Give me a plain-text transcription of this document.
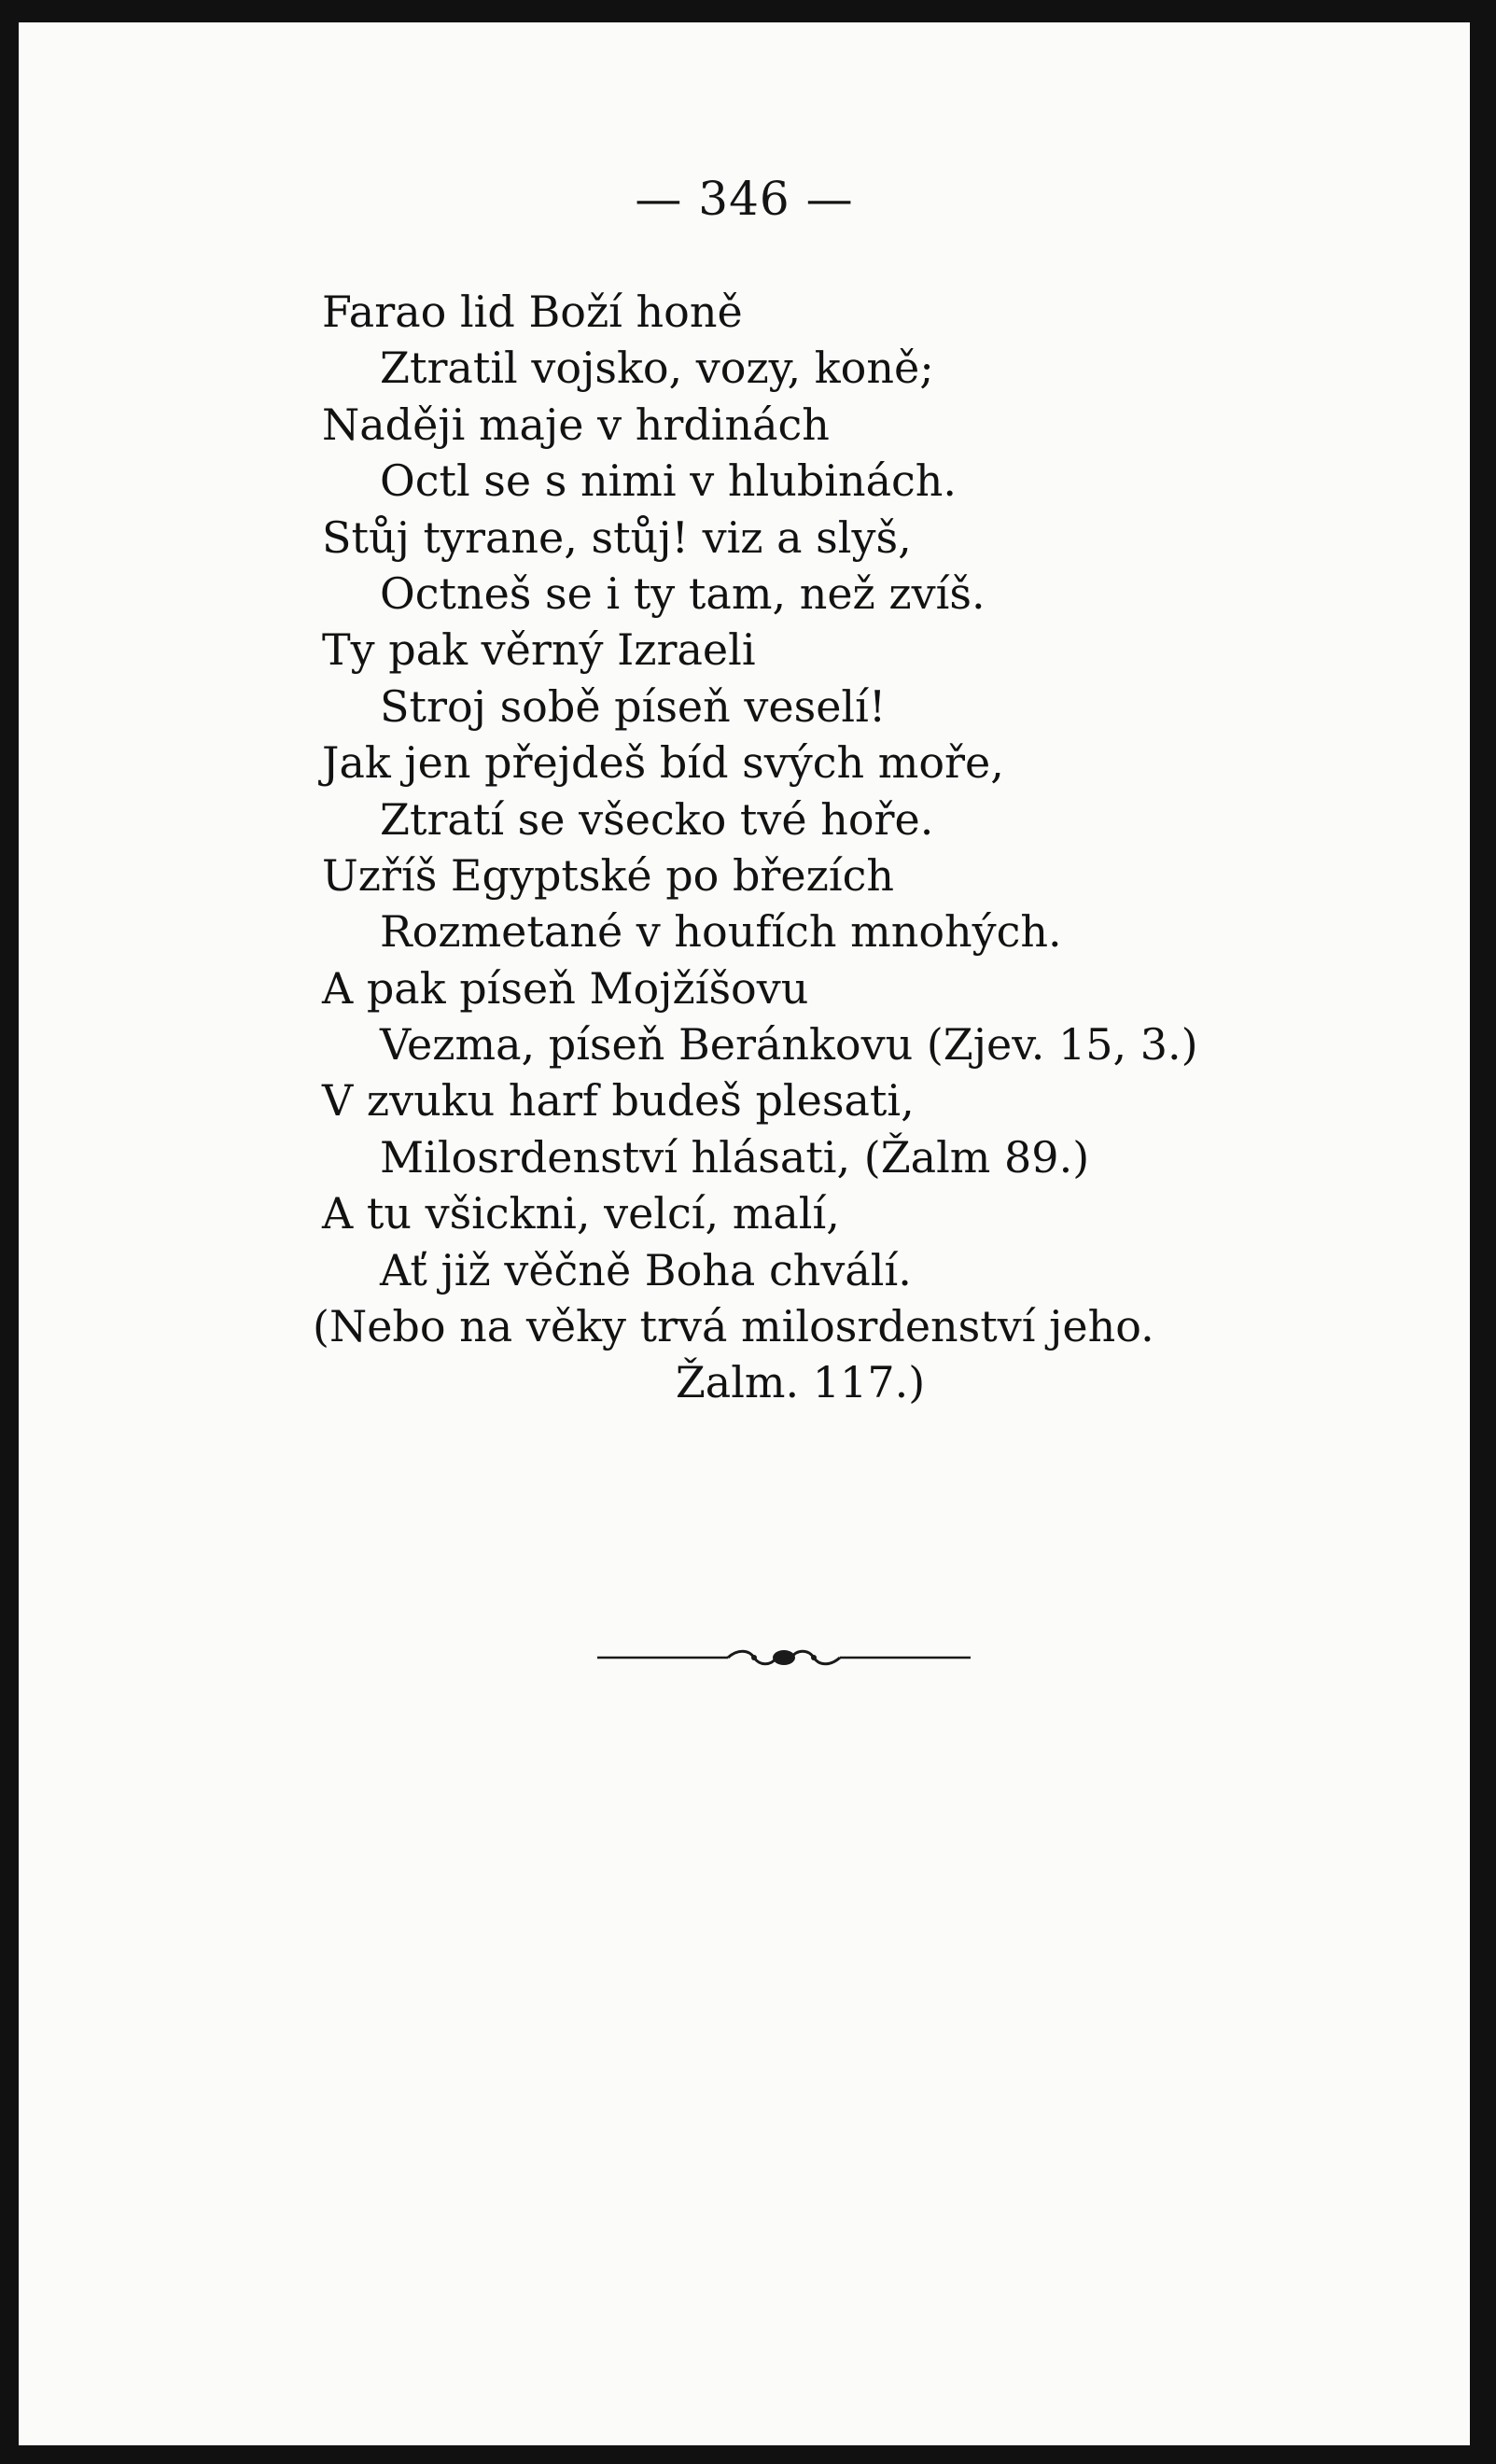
— 346 —
Farao lid Boží honě
Ztratil vojsko, vozy, koně;
Naději maje v hrdinách
Octl se s nimi v hlubinách.
Stůj tyrane, stůj! viz a slyš,
Octneš se i ty tam, než zvíš.
Ty pak věrný Izraeli
Stroj sobě píseň veselí!
Jak jen přejdeš bíd svých moře,
Ztratí se všecko tvé hoře.
Uzříš Egyptské po březích
Rozmetané v houfích mnohých.
A pak píseň Mojžíšovu
Vezma, píseň Beránkovu (Zjev. 15, 3.)
V zvuku harf budeš plesati,
Milosrdenství hlásati, (Žalm 89.)
A tu všickni, velcí, malí,
Ať již věčně Boha chválí.
(Nebo na věky trvá milosrdenství jeho.
Žalm. 117.)
